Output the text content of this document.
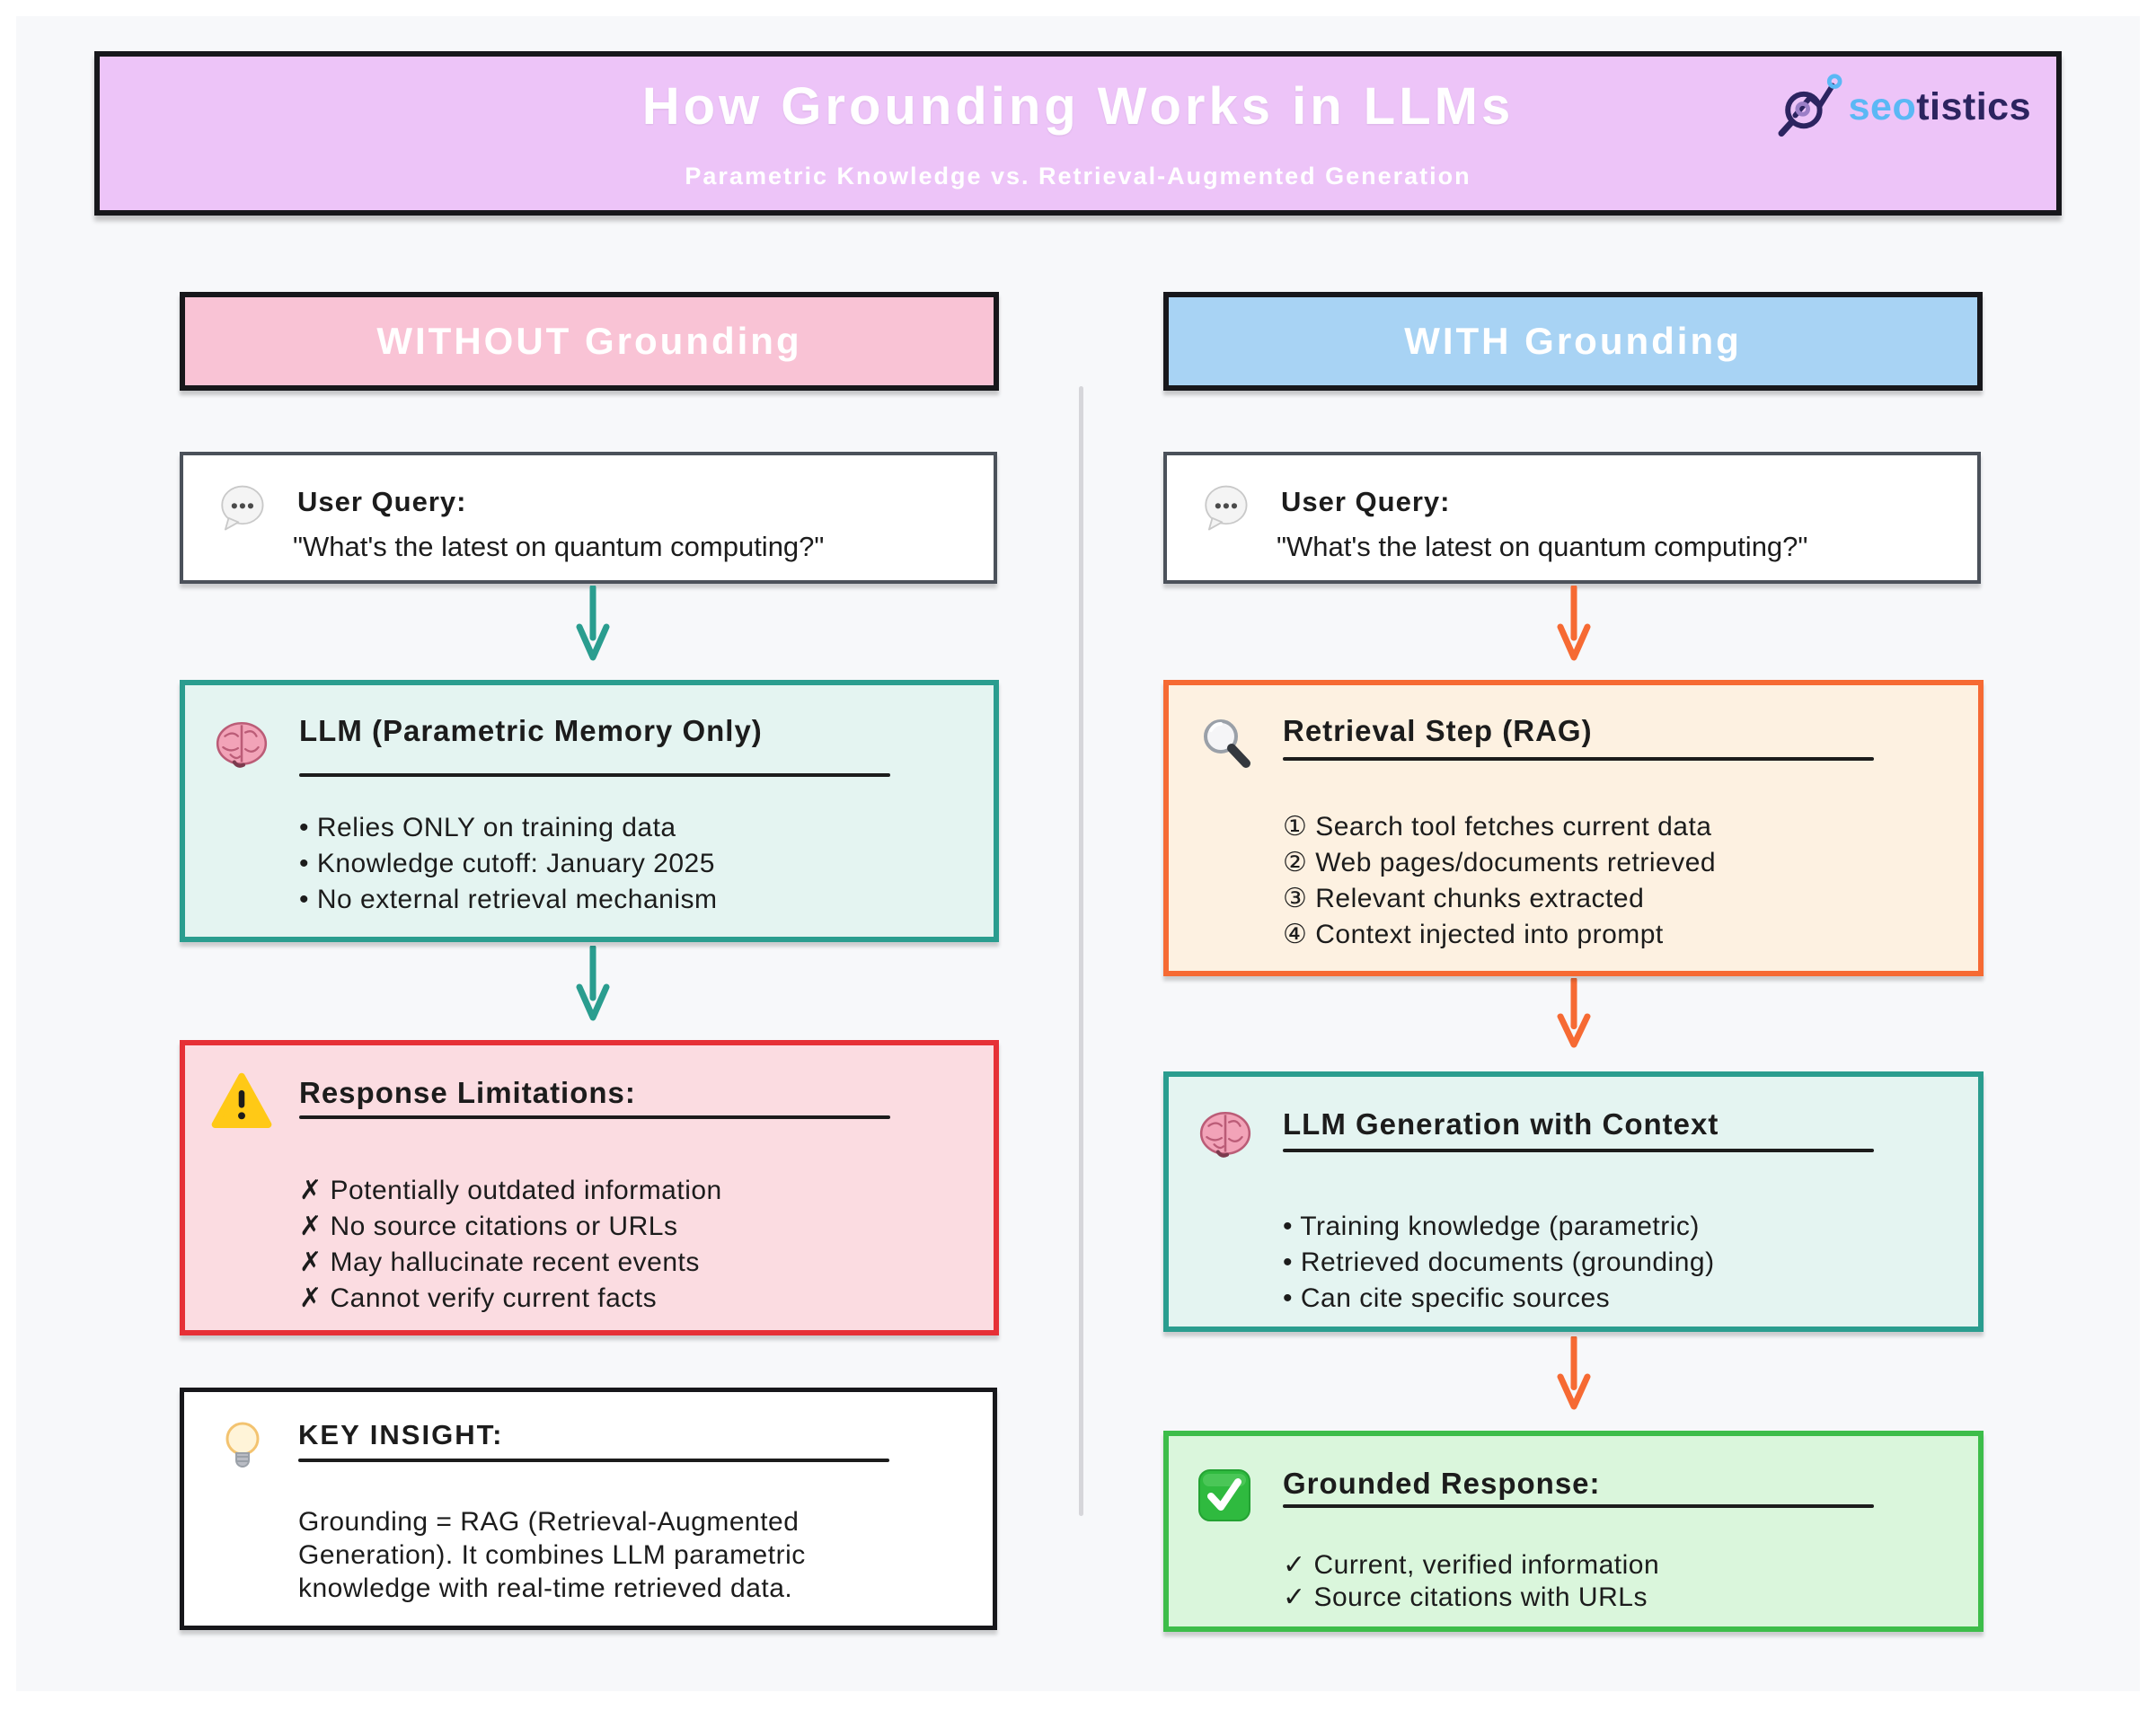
How Grounding Works in LLMs
Parametric Knowledge vs. Retrieval-Augmented Generation
seotistics
WITHOUT Grounding	WITH Grounding
User Query:
"What's the latest on quantum computing?"
User Query:
"What's the latest on quantum computing?"
LLM (Parametric Memory Only)
• Relies ONLY on training data
• Knowledge cutoff: January 2025
• No external retrieval mechanism
Retrieval Step (RAG)
① Search tool fetches current data
② Web pages/documents retrieved
③ Relevant chunks extracted
④ Context injected into prompt
Response Limitations:
✗ Potentially outdated information
✗ No source citations or URLs
✗ May hallucinate recent events
✗ Cannot verify current facts
LLM Generation with Context
• Training knowledge (parametric)
• Retrieved documents (grounding)
• Can cite specific sources
KEY INSIGHT:
Grounding = RAG (Retrieval-Augmented Generation). It combines LLM parametric knowledge with real-time retrieved data.
Grounded Response:
✓ Current, verified information
✓ Source citations with URLs
